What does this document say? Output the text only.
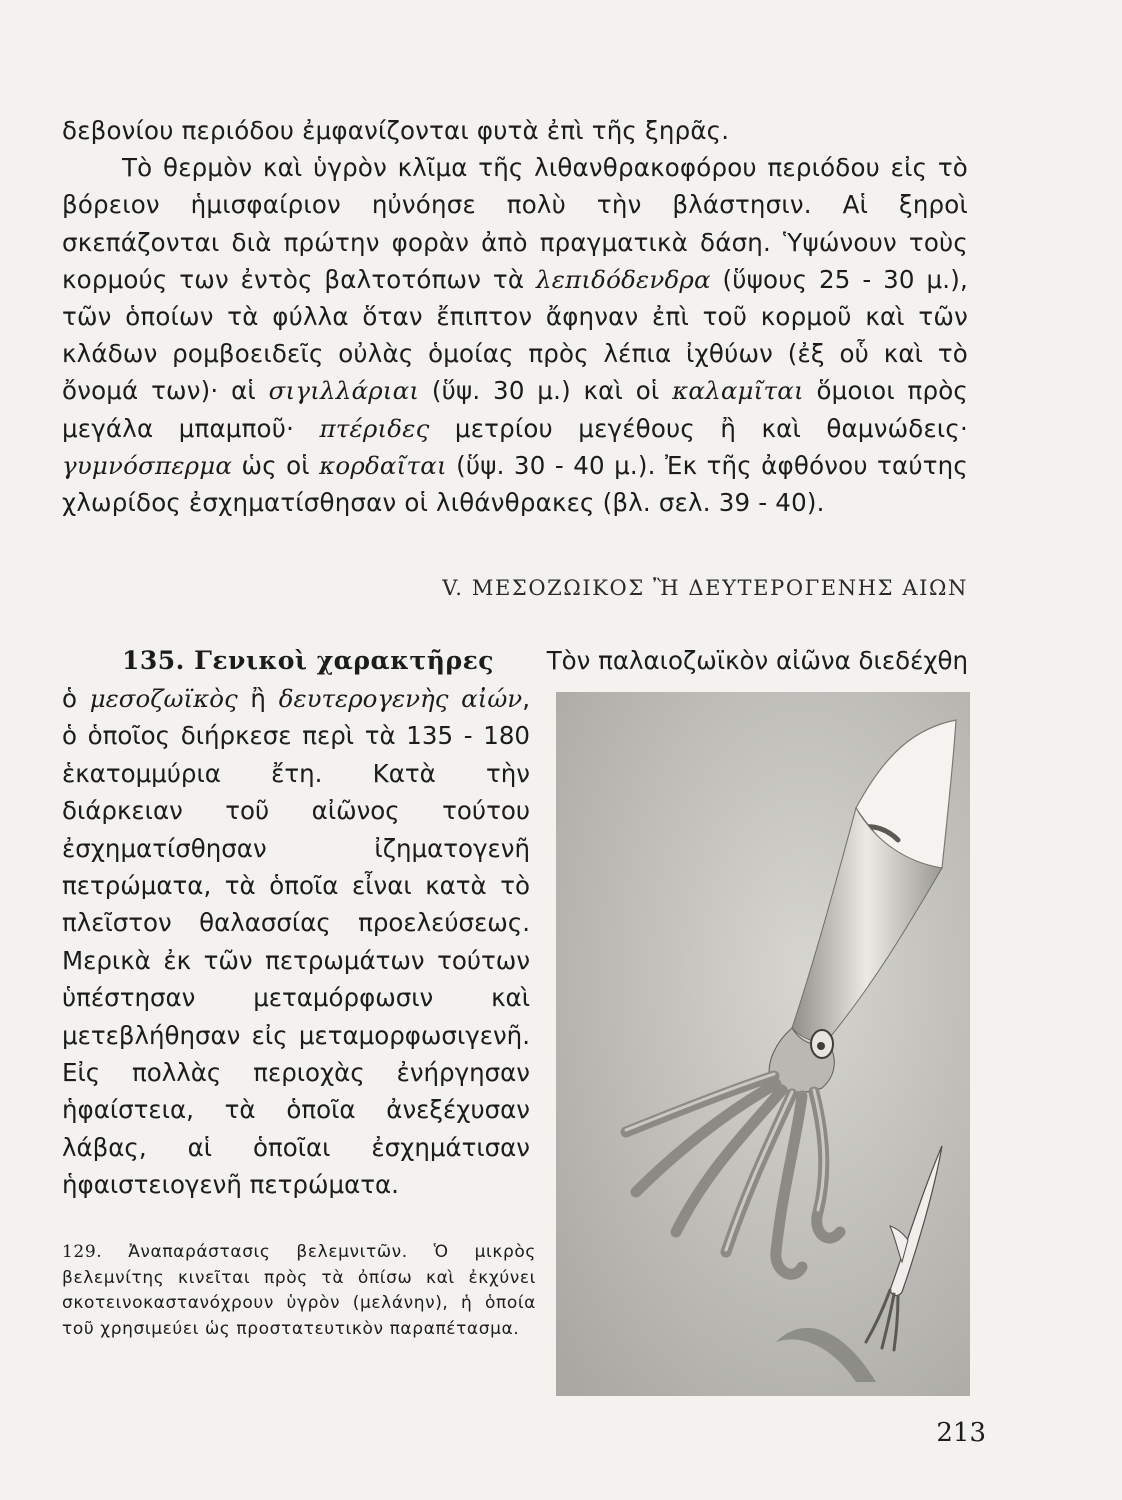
δεβονίου περιόδου ἐμφανίζονται φυτὰ ἐπὶ τῆς ξηρᾶς.

Τὸ θερμὸν καὶ ὑγρὸν κλῖμα τῆς λιθανθρακοφόρου περιόδου εἰς τὸ βόρειον ἡμισφαίριον ηὐνόησε πολὺ τὴν βλάστησιν. Αἱ ξηροὶ σκεπάζονται διὰ πρώτην φορὰν ἀπὸ πραγματικὰ δάση. Ὑψώνουν τοὺς κορμούς των ἐντὸς βαλτοτόπων τὰ λεπιδόδενδρα (ὕψους 25 - 30 μ.), τῶν ὁποίων τὰ φύλλα ὅταν ἔπιπτον ἄφηναν ἐπὶ τοῦ κορμοῦ καὶ τῶν κλάδων ρομβοειδεῖς οὐλὰς ὁμοίας πρὸς λέπια ἰχθύων (ἐξ οὗ καὶ τὸ ὄνομά των)· αἱ σιγιλλάριαι (ὕψ. 30 μ.) καὶ οἱ καλαμῖται ὅμοιοι πρὸς μεγάλα μπαμποῦ· πτέριδες μετρίου μεγέθους ἢ καὶ θαμνώδεις· γυμνόσπερμα ὡς οἱ κορδαῖται (ὕψ. 30 - 40 μ.). Ἐκ τῆς ἀφθόνου ταύτης χλωρίδος ἐσχηματίσθησαν οἱ λιθάνθρακες (βλ. σελ. 39 - 40).

V. ΜΕΣΟΖΩΙΚΟΣ Ἢ ΔΕΥΤΕΡΟΓΕΝΗΣ ΑΙΩΝ
135. Γενικοὶ χαρακτῆρες Τὸν παλαιοζωϊκὸν αἰῶνα διεδέχθη

ὁ μεσοζωϊκὸς ἢ δευτερογενὴς αἰών, ὁ ὁποῖος διήρκεσε περὶ τὰ 135 - 180 ἑκατομμύρια ἔτη. Κατὰ τὴν διάρκειαν τοῦ αἰῶνος τούτου ἐσχηματίσθησαν ἰζηματογενῆ πετρώματα, τὰ ὁποῖα εἶναι κατὰ τὸ πλεῖστον θαλασσίας προελεύσεως. Μερικὰ ἐκ τῶν πετρωμάτων τούτων ὑπέστησαν μεταμόρφωσιν καὶ μετεβλήθησαν εἰς μεταμορφωσιγενῆ. Εἰς πολλὰς περιοχὰς ἐνήργησαν ἡφαίστεια, τὰ ὁποῖα ἀνεξέχυσαν λάβας, αἱ ὁποῖαι ἐσχημάτισαν ἡφαιστειογενῆ πετρώματα.

129. Ἀναπαράστασις βελεμνιτῶν. Ὁ μικρὸς βελεμνίτης κινεῖται πρὸς τὰ ὀπίσω καὶ ἐκχύνει σκοτεινοκαστανόχρουν ὑγρὸν (μελάνην), ἡ ὁποία τοῦ χρησιμεύει ὡς προστατευτικὸν παραπέτασμα.
213
